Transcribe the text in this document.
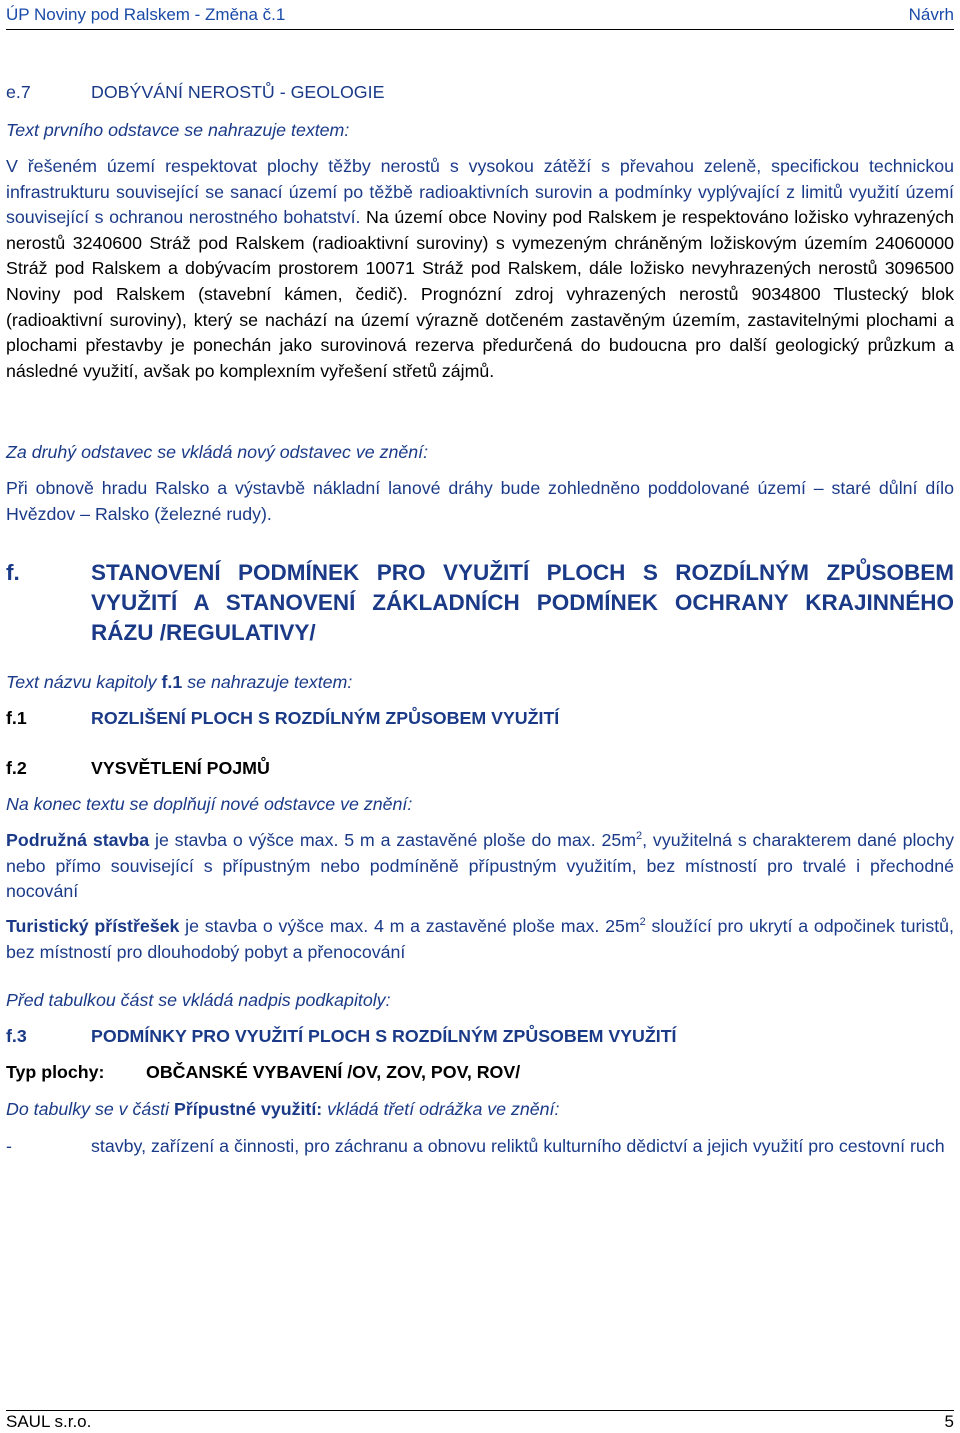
ÚP Noviny pod Ralskem - Změna č.1	Návrh
e.7	DOBÝVÁNÍ NEROSTŮ - GEOLOGIE
Text prvního odstavce se nahrazuje textem:
V řešeném území respektovat plochy těžby nerostů s vysokou zátěží s převahou zeleně, specifickou technickou infrastrukturu související se sanací území po těžbě radioaktivních surovin a podmínky vyplývající z limitů využití území související s ochranou nerostného bohatství. Na území obce Noviny pod Ralskem je respektováno ložisko vyhrazených nerostů 3240600 Stráž pod Ralskem (radioaktivní suroviny) s vymezeným chráněným ložiskovým územím 24060000 Stráž pod Ralskem a dobývacím prostorem 10071 Stráž pod Ralskem, dále ložisko nevyhrazených nerostů 3096500 Noviny pod Ralskem (stavební kámen, čedič). Prognózní zdroj vyhrazených nerostů 9034800 Tlustecký blok (radioaktivní suroviny), který se nachází na území výrazně dotčeném zastavěným územím, zastavitelnými plochami a plochami přestavby je ponechán jako surovinová rezerva předurčená do budoucna pro další geologický průzkum a následné využití, avšak po komplexním vyřešení střetů zájmů.
Za druhý odstavec se vkládá nový odstavec ve znění:
Při obnově hradu Ralsko a výstavbě nákladní lanové dráhy bude zohledněno poddolované území – staré důlní dílo Hvězdov – Ralsko (železné rudy).
f.	STANOVENÍ PODMÍNEK PRO VYUŽITÍ PLOCH S ROZDÍLNÝM ZPŮSOBEM VYUŽITÍ A STANOVENÍ ZÁKLADNÍCH PODMÍNEK OCHRANY KRAJINNÉHO RÁZU /REGULATIVY/
Text názvu kapitoly f.1 se nahrazuje textem:
f.1	ROZLIŠENÍ PLOCH S ROZDÍLNÝM ZPŮSOBEM VYUŽITÍ
f.2	VYSVĚTLENÍ POJMŮ
Na konec textu se doplňují nové odstavce ve znění:
Podružná stavba je stavba o výšce max. 5 m a zastavěné ploše do max. $25m^2$, využitelná s charakterem dané plochy nebo přímo související s přípustným nebo podmíněně přípustným využitím, bez místností pro trvalé i přechodné nocování
Turistický přístřešek je stavba o výšce max. 4 m a zastavěné ploše max. $25m^2$ sloužící pro ukrytí a odpočinek turistů, bez místností pro dlouhodobý pobyt a přenocování
Před tabulkou část se vkládá nadpis podkapitoly:
f.3	PODMÍNKY PRO VYUŽITÍ PLOCH S ROZDÍLNÝM ZPŮSOBEM VYUŽITÍ
Typ plochy:	OBČANSKÉ VYBAVENÍ /OV, ZOV, POV, ROV/
Do tabulky se v části Přípustné využití: vkládá třetí odrážka ve znění:
-	stavby, zařízení a činnosti, pro záchranu a obnovu reliktů kulturního dědictví a jejich využití pro cestovní ruch
SAUL s.r.o.	5
